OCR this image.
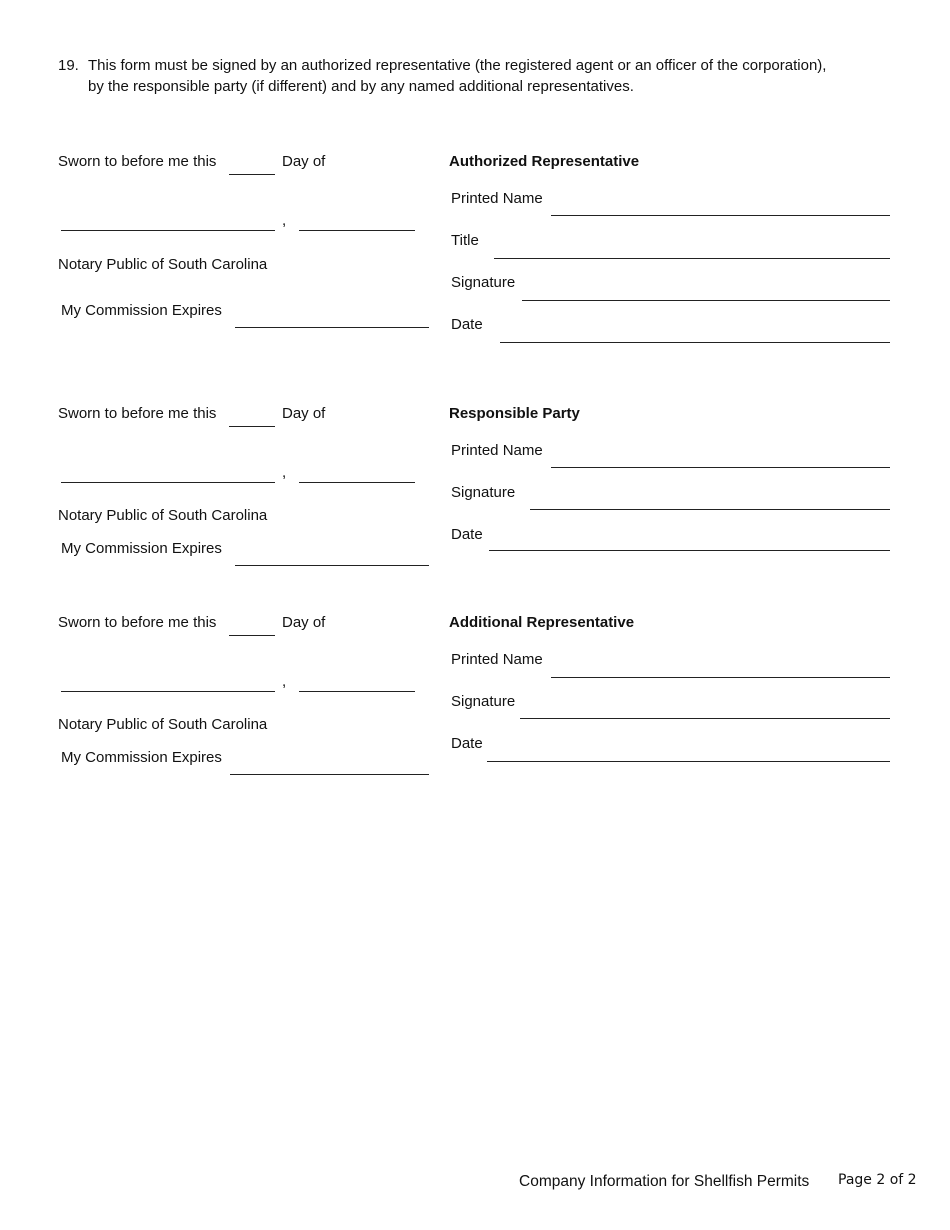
19. This form must be signed by an authorized representative (the registered agent or an officer of the corporation),
by the responsible party (if different) and by any named additional representatives.
Sworn to before me this	Day of
,
Notary Public of South Carolina
My Commission Expires
Authorized Representative
Printed Name
Title
Signature
Date
Sworn to before me this	Day of
,
Notary Public of South Carolina
My Commission Expires
Responsible Party
Printed Name
Signature
Date
Sworn to before me this	Day of
,
Notary Public of South Carolina
My Commission Expires
Additional Representative
Printed Name
Signature
Date
Company Information for Shellfish Permits Page 2 of 2
